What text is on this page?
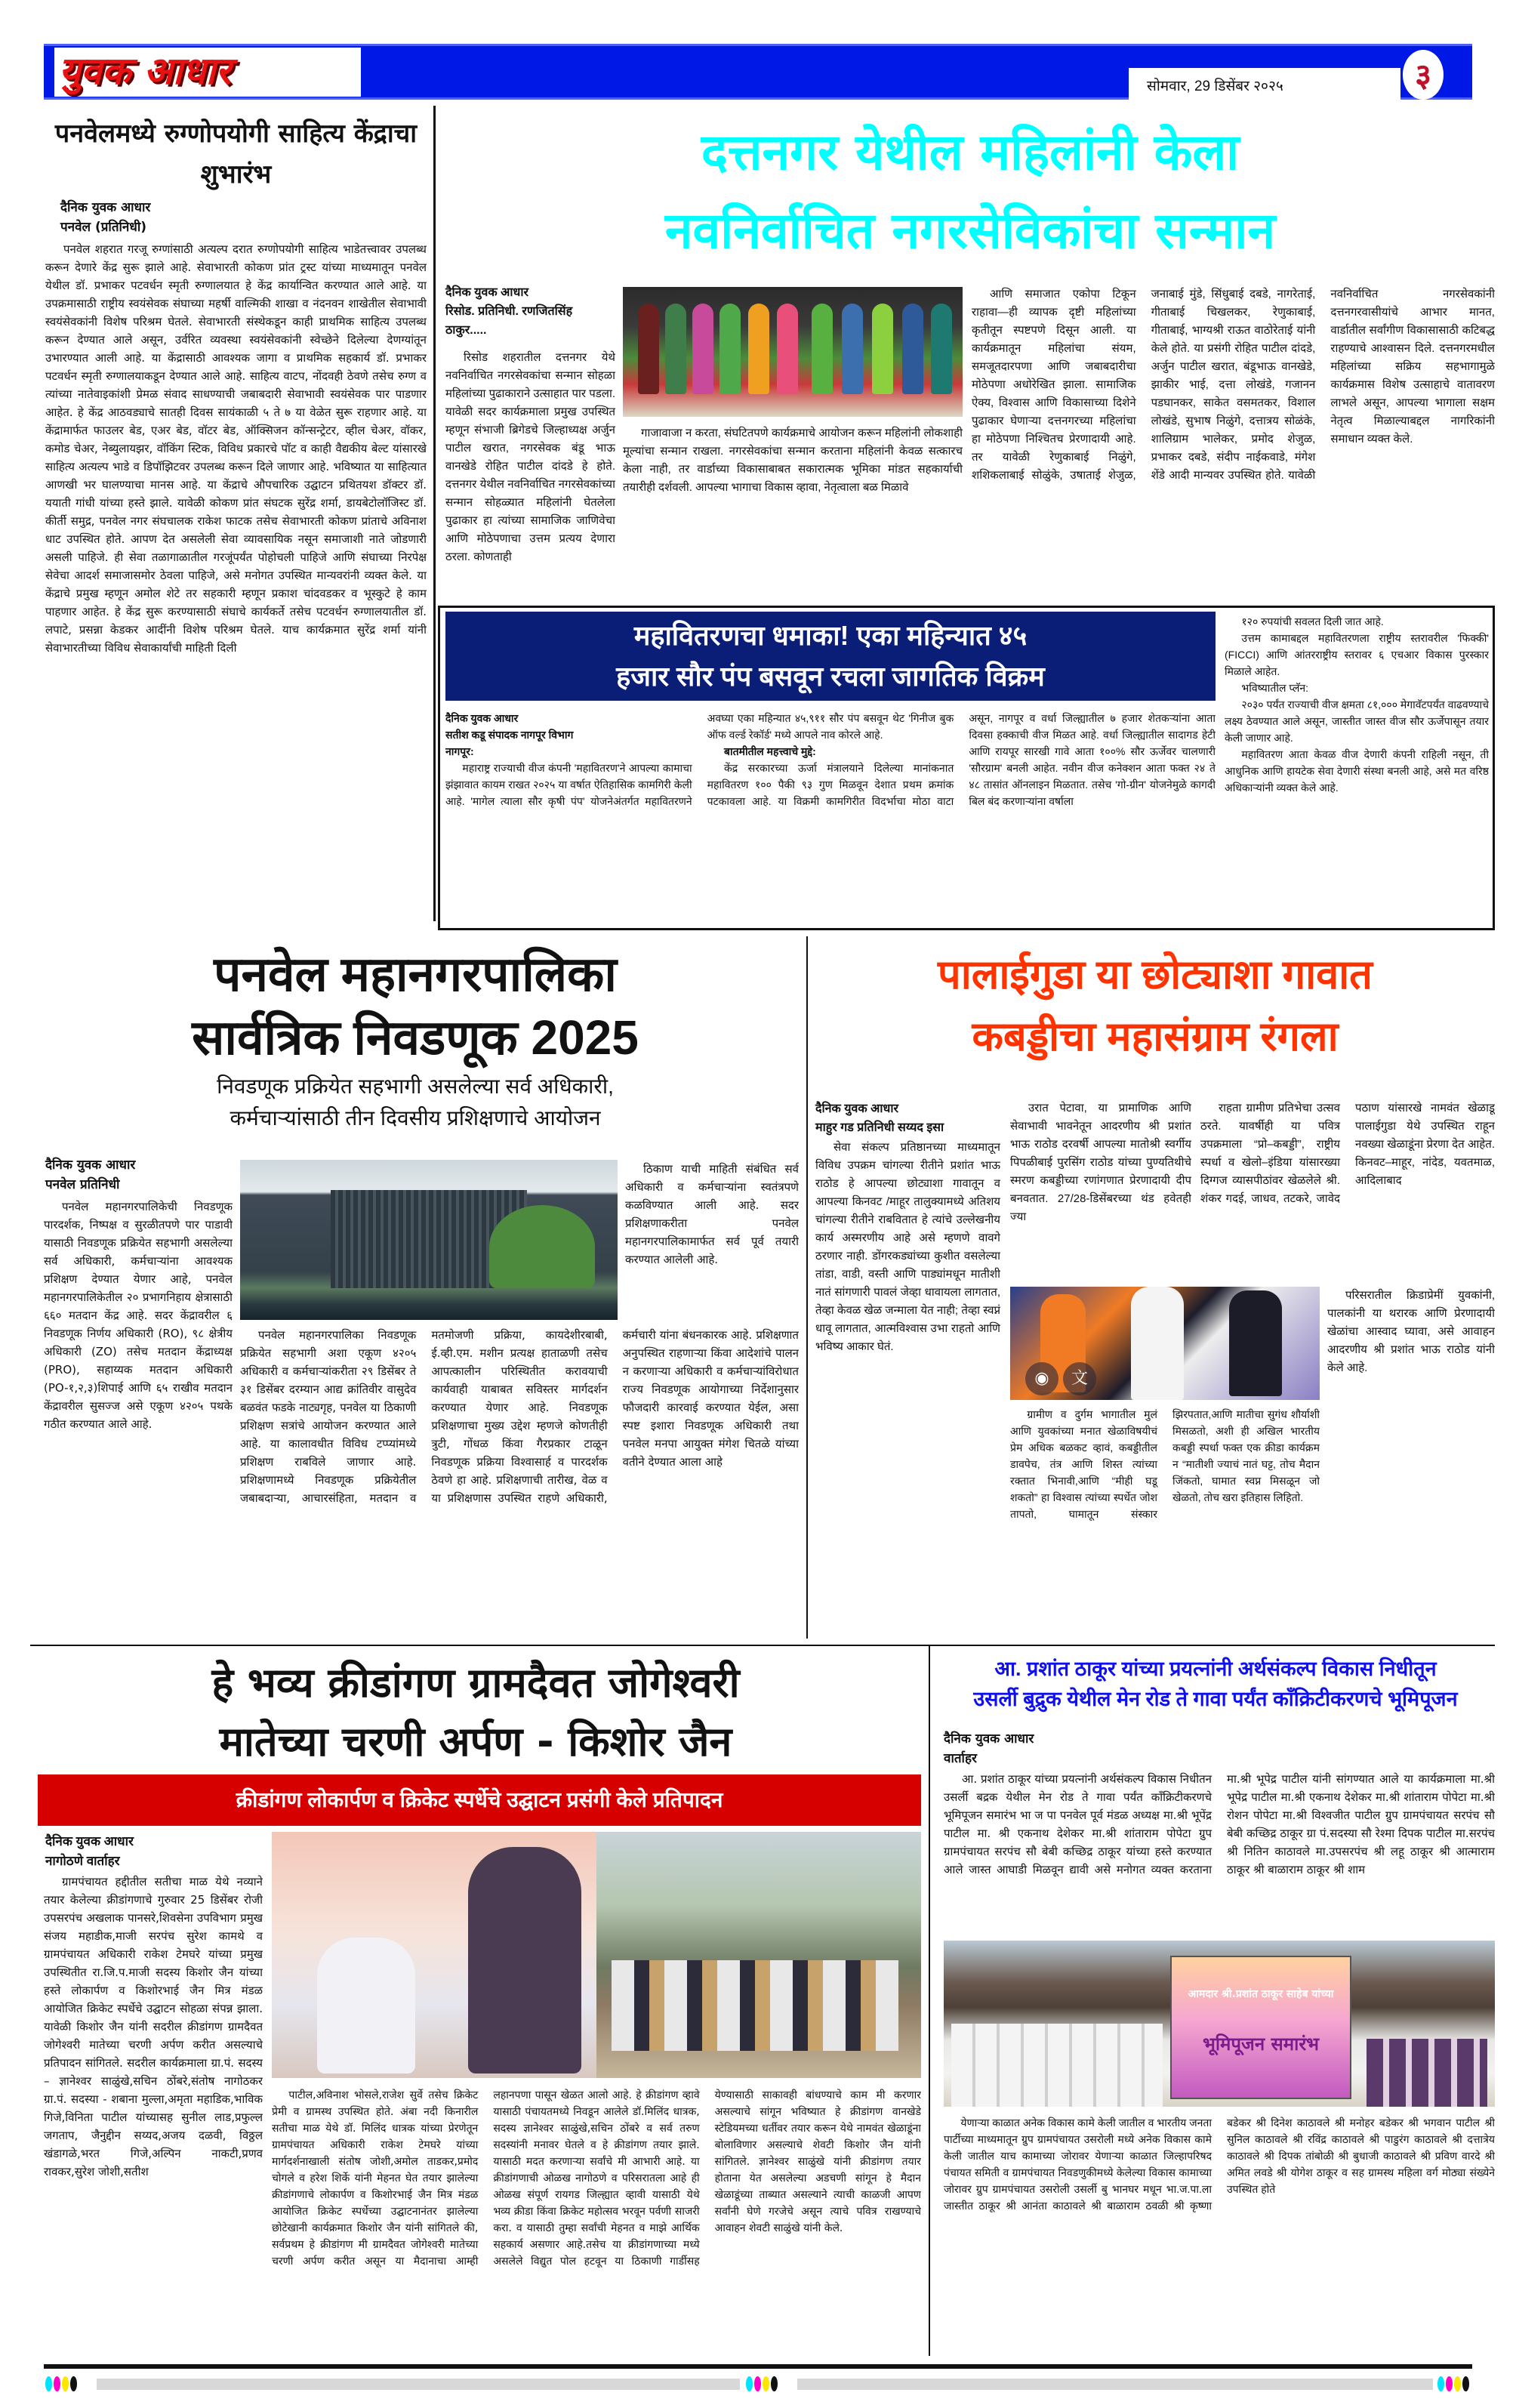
युवक आधार	सोमवार, 29 डिसेंबर २०२५	३
पनवेलमध्ये रुग्णोपयोगी साहित्य केंद्राचा शुभारंभ
दैनिक युवक आधार
पनवेल (प्रतिनिधी)

पनवेल शहरात गरजू रुग्णांसाठी अत्यल्प दरात रुग्णोपयोगी साहित्य भाडेतत्त्वावर उपलब्ध करून देणारे केंद्र सुरू झाले आहे. सेवाभारती कोकण प्रांत ट्रस्ट यांच्या माध्यमातून पनवेल येथील डॉ. प्रभाकर पटवर्धन स्मृती रुग्णालयात हे केंद्र कार्यान्वित करण्यात आले आहे. या उपक्रमासाठी राष्ट्रीय स्वयंसेवक संघाच्या महर्षी वाल्मिकी शाखा व नंदनवन शाखेतील सेवाभावी स्वयंसेवकांनी विशेष परिश्रम घेतले. सेवाभारती संस्थेकडून काही प्राथमिक साहित्य उपलब्ध करून देण्यात आले असून, उर्वरित व्यवस्था स्वयंसेवकांनी स्वेच्छेने दिलेल्या देणग्यांतून उभारण्यात आली आहे. या केंद्रासाठी आवश्यक जागा व प्राथमिक सहकार्य डॉ. प्रभाकर पटवर्धन स्मृती रुग्णालयाकडून देण्यात आले आहे. साहित्य वाटप, नोंदवही ठेवणे तसेच रुग्ण व त्यांच्या नातेवाइकांशी प्रेमळ संवाद साधण्याची जबाबदारी सेवाभावी स्वयंसेवक पार पाडणार आहेत. हे केंद्र आठवड्याचे सातही दिवस सायंकाळी ५ ते ७ या वेळेत सुरू राहणार आहे. या केंद्रामार्फत फाउलर बेड, एअर बेड, वॉटर बेड, ऑक्सिजन कॉन्सन्ट्रेटर, व्हील चेअर, वॉकर, कमोड चेअर, नेब्युलायझर, वॉकिंग स्टिक, विविध प्रकारचे पॉट व काही वैद्यकीय बेल्ट यांसारखे साहित्य अत्यल्प भाडे व डिपॉझिटवर उपलब्ध करून दिले जाणार आहे. भविष्यात या साहित्यात आणखी भर घालण्याचा मानस आहे. या केंद्राचे औपचारिक उद्घाटन प्रथितयश डॉक्टर डॉ. ययाती गांधी यांच्या हस्ते झाले. यावेळी कोकण प्रांत संघटक सुरेंद्र शर्मा, डायबेटोलॉजिस्ट डॉ. कीर्ती समुद्र, पनवेल नगर संघचालक राकेश फाटक तसेच सेवाभारती कोकण प्रांताचे अविनाश धाट उपस्थित होते. आपण देत असलेली सेवा व्यावसायिक नसून समाजाशी नाते जोडणारी असली पाहिजे. ही सेवा तळागाळातील गरजूंपर्यंत पोहोचली पाहिजे आणि संघाच्या निरपेक्ष सेवेचा आदर्श समाजासमोर ठेवला पाहिजे, असे मनोगत उपस्थित मान्यवरांनी व्यक्त केले. या केंद्राचे प्रमुख म्हणून अमोल शेटे तर सहकारी म्हणून प्रकाश चांदवडकर व भूस्कुटे हे काम पाहणार आहेत. हे केंद्र सुरू करण्यासाठी संघाचे कार्यकर्ते तसेच पटवर्धन रुग्णालयातील डॉ. लपाटे, प्रसन्ना केडकर आदींनी विशेष परिश्रम घेतले. याच कार्यक्रमात सुरेंद्र शर्मा यांनी सेवाभारतीच्या विविध सेवाकार्यांची माहिती दिली

दत्तनगर येथील महिलांनी केला
नवनिर्वाचित नगरसेविकांचा सन्मान
दैनिक युवक आधार
रिसोड. प्रतिनिधी. रणजितसिंह ठाकुर.....

रिसोड शहरातील दत्तनगर येथे नवनिर्वाचित नगरसेवकांचा सन्मान सोहळा महिलांच्या पुढाकाराने उत्साहात पार पडला. यावेळी सदर कार्यक्रमाला प्रमुख उपस्थित म्हणून संभाजी ब्रिगेडचे जिल्हाध्यक्ष अर्जुन पाटील खरात, नगरसेवक बंडू भाऊ वानखेडे रोहित पाटील दांदडे हे होते. दत्तनगर येथील नवनिर्वाचित नगरसेवकांच्या सन्मान सोहळ्यात महिलांनी घेतलेला पुढाकार हा त्यांच्या सामाजिक जाणिवेचा आणि मोठेपणाचा उत्तम प्रत्यय देणारा ठरला. कोणताही

गाजावाजा न करता, संघटितपणे कार्यक्रमाचे आयोजन करून महिलांनी लोकशाही मूल्यांचा सन्मान राखला. नगरसेवकांचा सन्मान करताना महिलांनी केवळ सत्कारच केला नाही, तर वार्डाच्या विकासाबाबत सकारात्मक भूमिका मांडत सहकार्याची तयारीही दर्शवली. आपल्या भागाचा विकास व्हावा, नेतृत्वाला बळ मिळावे

आणि समाजात एकोपा टिकून राहावा—ही व्यापक दृष्टी महिलांच्या कृतीतून स्पष्टपणे दिसून आली. या कार्यक्रमातून महिलांचा संयम, समजूतदारपणा आणि जबाबदारीचा मोठेपणा अधोरेखित झाला. सामाजिक ऐक्य, विश्वास आणि विकासाच्या दिशेने पुढाकार घेणाऱ्या दत्तनगरच्या महिलांचा हा मोठेपणा निश्चितच प्रेरणादायी आहे. तर यावेळी रेणुकाबाई निळुंगे, शशिकलाबाई सोळुंके, उषाताई शेजुळ, जनाबाई मुंडे, सिंधुबाई दबडे, नागरेताई, गीताबाई चिखलकर, रेणुकाबाई, गीताबाई, भाग्यश्री राऊत वाठोरेताई यांनी केले होते. या प्रसंगी रोहित पाटील दांदडे, अर्जुन पाटील खरात, बंडूभाऊ वानखेडे, झाकीर भाई, दत्ता लोखंडे, गजानन पडघानकर, साकेत वसमतकर, विशाल लोखंडे, सुभाष निळुंगे, दत्तात्रय सोळंके, शालिग्राम भालेकर, प्रमोद शेजुळ, प्रभाकर दबडे, संदीप नाईकवाडे, मंगेश शेंडे आदी मान्यवर उपस्थित होते. यावेळी नवनिर्वाचित नगरसेवकांनी दत्तनगरवासीयांचे आभार मानत, वार्डातील सर्वांगीण विकासासाठी कटिबद्ध राहण्याचे आश्वासन दिले. दत्तनगरमधील महिलांच्या सक्रिय सहभागामुळे कार्यक्रमास विशेष उत्साहाचे वातावरण लाभले असून, आपल्या भागाला सक्षम नेतृत्व मिळाल्याबद्दल नागरिकांनी समाधान व्यक्त केले.

महावितरणचा धमाका! एका महिन्यात ४५
हजार सौर पंप बसवून रचला जागतिक विक्रम
दैनिक युवक आधार
सतीश कडू संपादक नागपूर विभाग
नागपूर:

महाराष्ट्र राज्याची वीज कंपनी 'महावितरण'ने आपल्या कामाचा झंझावात कायम राखत २०२५ या वर्षात ऐतिहासिक कामगिरी केली आहे. 'मागेल त्याला सौर कृषी पंप' योजनेअंतर्गत महावितरणने अवघ्या एका महिन्यात ४५,९११ सौर पंप बसवून थेट 'गिनीज बुक ऑफ वर्ल्ड रेकॉर्ड' मध्ये आपले नाव कोरले आहे.

बातमीतील महत्त्वाचे मुद्दे:

केंद्र सरकारच्या ऊर्जा मंत्रालयाने दिलेल्या मानांकनात महावितरण १०० पैकी ९३ गुण मिळवून देशात प्रथम क्रमांक पटकावला आहे. या विक्रमी कामगिरीत विदर्भाचा मोठा वाटा असून, नागपूर व वर्धा जिल्ह्यातील ७ हजार शेतकऱ्यांना आता दिवसा हक्काची वीज मिळत आहे. वर्धा जिल्ह्यातील सादागड हेटी आणि रायपूर सारखी गावे आता १००% सौर ऊर्जेवर चालणारी 'सौरग्राम' बनली आहेत. नवीन वीज कनेक्शन आता फक्त २४ ते ४८ तासांत ऑनलाइन मिळतात. तसेच 'गो-ग्रीन' योजनेमुळे कागदी बिल बंद करणाऱ्यांना वर्षाला

१२० रुपयांची सवलत दिली जात आहे.

उत्तम कामाबद्दल महावितरणला राष्ट्रीय स्तरावरील 'फिक्की' (FICCI) आणि आंतरराष्ट्रीय स्तरावर ६ एचआर विकास पुरस्कार मिळाले आहेत.

भविष्यातील प्लॅन:

२०३० पर्यंत राज्याची वीज क्षमता ८१,००० मेगावॅटपर्यंत वाढवण्याचे लक्ष्य ठेवण्यात आले असून, जास्तीत जास्त वीज सौर ऊर्जेपासून तयार केली जाणार आहे.

महावितरण आता केवळ वीज देणारी कंपनी राहिली नसून, ती आधुनिक आणि हायटेक सेवा देणारी संस्था बनली आहे, असे मत वरिष्ठ अधिकाऱ्यांनी व्यक्त केले आहे.

पनवेल महानगरपालिका
सार्वत्रिक निवडणूक 2025
निवडणूक प्रक्रियेत सहभागी असलेल्या सर्व अधिकारी,
कर्मचाऱ्यांसाठी तीन दिवसीय प्रशिक्षणाचे आयोजन
दैनिक युवक आधार
पनवेल प्रतिनिधी

पनवेल महानगरपालिकेची निवडणूक पारदर्शक, निष्पक्ष व सुरळीतपणे पार पाडावी यासाठी निवडणूक प्रक्रियेत सहभागी असलेल्या सर्व अधिकारी, कर्मचाऱ्यांना आवश्यक प्रशिक्षण देण्यात येणार आहे, पनवेल महानगरपालिकेतील २० प्रभागनिहाय क्षेत्रासाठी ६६० मतदान केंद्र आहे. सदर केंद्रावरील ६ निवडणूक निर्णय अधिकारी (RO), ९८ क्षेत्रीय अधिकारी (ZO) तसेच मतदान केंद्राध्यक्ष (PRO), सहाय्यक मतदान अधिकारी (PO-१,२,३)शिपाई आणि ६५ राखीव मतदान केंद्रावरील सुसज्ज असे एकूण ४२०५ पथके गठीत करण्यात आले आहे.

ठिकाण याची माहिती संबंधित सर्व अधिकारी व कर्मचाऱ्यांना स्वतंत्रपणे कळविण्यात आली आहे. सदर प्रशिक्षणाकरीता पनवेल महानगरपालिकामार्फत सर्व पूर्व तयारी करण्यात आलेली आहे.

पनवेल महानगरपालिका निवडणूक प्रक्रियेत सहभागी अशा एकूण ४२०५ अधिकारी व कर्मचाऱ्यांकरीता २९ डिसेंबर ते ३१ डिसेंबर दरम्यान आद्य क्रांतिवीर वासुदेव बळवंत फडके नाट्यगृह, पनवेल या ठिकाणी प्रशिक्षण सत्रांचे आयोजन करण्यात आले आहे. या कालावधीत विविध टप्प्यांमध्ये प्रशिक्षण राबविले जाणार आहे. प्रशिक्षणामध्ये निवडणूक प्रक्रियेतील जबाबदाऱ्या, आचारसंहिता, मतदान व मतमोजणी प्रक्रिया, कायदेशीरबाबी, ई.व्ही.एम. मशीन प्रत्यक्ष हाताळणी तसेच आपत्कालीन परिस्थितीत करावयाची कार्यवाही याबाबत सविस्तर मार्गदर्शन करण्यात येणार आहे. निवडणूक प्रशिक्षणाचा मुख्य उद्देश म्हणजे कोणतीही त्रुटी, गोंधळ किंवा गैरप्रकार टाळून निवडणूक प्रक्रिया विश्वासार्ह व पारदर्शक ठेवणे हा आहे. प्रशिक्षणाची तारीख, वेळ व या प्रशिक्षणास उपस्थित राहणे अधिकारी, कर्मचारी यांना बंधनकारक आहे. प्रशिक्षणात अनुपस्थित राहणाऱ्या किंवा आदेशांचे पालन न करणाऱ्या अधिकारी व कर्मचाऱ्यांविरोधात राज्य निवडणूक आयोगाच्या निर्देशानुसार फौजदारी कारवाई करण्यात येईल, असा स्पष्ट इशारा निवडणूक अधिकारी तथा पनवेल मनपा आयुक्त मंगेश चितळे यांच्या वतीने देण्यात आला आहे

पालाईगुडा या छोट्याशा गावात
कबड्डीचा महासंग्राम रंगला
दैनिक युवक आधार
माहुर गड प्रतिनिधी सय्यद इसा

सेवा संकल्प प्रतिष्ठानच्या माध्यमातून विविध उपक्रम चांगल्या रीतीने प्रशांत भाऊ राठोड हे आपल्या छोट्याशा गावातून व आपल्या किनवट /माहूर तालुक्यामध्ये अतिशय चांगल्या रीतीने राबवितात हे त्यांचे उल्लेखनीय कार्य अस्मरणीय आहे असे म्हणणे वावगे ठरणार नाही. डोंगरकड्यांच्या कुशीत वसलेल्या तांडा, वाडी, वस्ती आणि पाड्यांमधून मातीशी नातं सांगणारी पावलं जेव्हा धावायला लागतात, तेव्हा केवळ खेळ जन्माला येत नाही; तेव्हा स्वप्नं धावू लागतात, आत्मविश्वास उभा राहतो आणि भविष्य आकार घेतं.

उरात पेटावा, या प्रामाणिक आणि सेवाभावी भावनेतून आदरणीय श्री प्रशांत भाऊ राठोड दरवर्षी आपल्या मातोश्री स्वर्गीय पिपळीबाई पुरसिंग राठोड यांच्या पुण्यतिथीचे स्मरण कबड्डीच्या रणांगणात प्रेरणादायी दीप बनवतात. 27/28-डिसेंबरच्या थंड हवेतही ज्या

राहता ग्रामीण प्रतिभेचा उत्सव ठरते. यावर्षीही या पवित्र उपक्रमाला “प्रो–कबड्डी”, राष्ट्रीय स्पर्धा व खेलो–इंडिया यांसारख्या दिग्गज व्यासपीठांवर खेळलेले श्री. शंकर गदई, जाधव, तटकरे, जावेद पठाण यांसारखे नामवंत खेळाडू पालाईगुडा येथे उपस्थित राहून नवख्या खेळाडूंना प्रेरणा देत आहेत. किनवट–माहूर, नांदेड, यवतमाळ, आदिलाबाद

◉	文

परिसरातील क्रिडाप्रेमीं युवकांनी, पालकांनी या थरारक आणि प्रेरणादायी खेळांचा आस्वाद घ्यावा, असे आवाहन आदरणीय श्री प्रशांत भाऊ राठोड यांनी केले आहे.

ग्रामीण व दुर्गम भागातील मुलं आणि युवकांच्या मनात खेळाविषयीचं प्रेम अधिक बळकट व्हावं, कबड्डीतील डावपेच, तंत्र आणि शिस्त त्यांच्या रक्तात भिनावी,आणि “मीही घडू शकतो” हा विश्वास त्यांच्या स्पर्धेत जोश तापतो, घामातून संस्कार झिरपतात,आणि मातीचा सुगंध शौर्याशी मिसळतो, अशी ही अखिल भारतीय कबड्डी स्पर्धा फक्त एक क्रीडा कार्यक्रम न “मातीशी ज्याचं नातं घट्ट, तोच मैदान जिंकतो, घामात स्वप्न मिसळून जो खेळतो, तोच खरा इतिहास लिहितो.

हे भव्य क्रीडांगण ग्रामदैवत जोगेश्वरी
मातेच्या चरणी अर्पण - किशोर जैन
क्रीडांगण लोकार्पण व क्रिकेट स्पर्धेचे उद्घाटन प्रसंगी केले प्रतिपादन
दैनिक युवक आधार
नागोठणे वार्ताहर

ग्रामपंचायत हद्दीतील सतीचा माळ येथे नव्याने तयार केलेल्या क्रीडांगणाचे गुरुवार 25 डिसेंबर रोजी उपसरपंच अखलाक पानसरे,शिवसेना उपविभाग प्रमुख संजय महाडीक,माजी सरपंच सुरेश कामथे व ग्रामपंचायत अधिकारी राकेश टेमघरे यांच्या प्रमुख उपस्थितीत रा.जि.प.माजी सदस्य किशोर जैन यांच्या हस्ते लोकार्पण व किशोरभाई जैन मित्र मंडळ आयोजित क्रिकेट स्पर्धेचे उद्घाटन सोहळा संपन्न झाला. यावेळी किशोर जैन यांनी सदरील क्रीडांगण ग्रामदैवत जोगेश्वरी मातेच्या चरणी अर्पण करीत असल्याचे प्रतिपादन सांगितले. सदरील कार्यक्रमाला ग्रा.पं. सदस्य – ज्ञानेश्वर साळुंखे,सचिन ठोंबरे,संतोष नागोठकर ग्रा.पं. सदस्या - शबाना मुल्ला,अमृता महाडिक,भाविक गिजे,विनिता पाटील यांच्यासह सुनील लाड,प्रफुल्ल जगताप, जैनुद्दीन सय्यद,अजय दळवी, विठ्ठल खंडागळे,भरत गिजे,अल्पिन नाकटी,प्रणव रावकर,सुरेश जोशी,सतीश

पाटील,अविनाश भोसले,राजेश सुर्वे तसेच क्रिकेट प्रेमी व ग्रामस्थ उपस्थित होते. अंबा नदी किनारील सतीचा माळ येथे डॉ. मिलिंद धात्रक यांच्या प्रेरणेतून ग्रामपंचायत अधिकारी राकेश टेमघरे यांच्या मार्गदर्शनाखाली संतोष जोशी,अमोल ताडकर,प्रमोद चोगले व हरेश शिर्के यांनी मेहनत घेत तयार झालेल्या क्रीडांगणाचे लोकार्पण व किशोरभाई जैन मित्र मंडळ आयोजित क्रिकेट स्पर्धेच्या उद्घाटनानंतर झालेल्या छोटेखानी कार्यक्रमात किशोर जैन यांनी सांगितले की, सर्वप्रथम हे क्रीडांगण मी ग्रामदैवत जोगेश्वरी मातेच्या चरणी अर्पण करीत असून या मैदानाचा आम्ही लहानपणा पासून खेळत आलो आहे. हे क्रीडांगण व्हावे यासाठी पंचायतमध्ये निवडून आलेले डॉ.मिलिंद धात्रक, सदस्य ज्ञानेश्वर साळुंखे,सचिन ठोंबरे व सर्व तरुण सदस्यांनी मनावर घेतले व हे क्रीडांगण तयार झाले. यासाठी मदत करणाऱ्या सर्वांचे मी आभारी आहे. या क्रीडांगणाची ओळख नागोठणे व परिसरातला आहे ही ओळख संपूर्ण रायगड जिल्ह्यात व्हावी यासाठी येथे भव्य क्रीडा किंवा क्रिकेट महोत्सव भरवून पर्वणी साजरी करा. व यासाठी तुम्हा सर्वांची मेहनत व माझे आर्थिक सहकार्य असणार आहे.तसेच या क्रीडांगणाच्या मध्ये असलेले विद्युत पोल हटवून या ठिकाणी गार्डीसह येण्यासाठी साकावही बांधण्याचे काम मी करणार असल्याचे सांगून भविष्यात हे क्रीडांगण वानखेडे स्टेडियमच्या धर्तीवर तयार करून येथे नामवंत खेळाडूंना बोलाविणार असल्याचे शेवटी किशोर जैन यांनी सांगितले. ज्ञानेश्वर साळुंखे यांनी क्रीडांगण तयार होताना येत असलेल्या अडचणी सांगून हे मैदान खेळाडूंच्या ताब्यात असल्याने त्याची काळजी आपण सर्वांनी घेणे गरजेचे असून त्याचे पवित्र राखण्याचे आवाहन शेवटी साळुंखे यांनी केले.

आ. प्रशांत ठाकूर यांच्या प्रयत्नांनी अर्थसंकल्प विकास निधीतून
उसर्ली बुद्रुक येथील मेन रोड ते गावा पर्यंत कॉंक्रिटीकरणचे भूमिपूजन
दैनिक युवक आधार
वार्ताहर

आ. प्रशांत ठाकूर यांच्या प्रयत्नांनी अर्थसंकल्प विकास निधीतन उसर्ली बद्रक येथील मेन रोड ते गावा पर्यंत कॉंक्रिटीकरणचे भूमिपूजन समारंभ भा ज पा पनवेल पूर्व मंडळ अध्यक्ष मा.श्री भूपेंद्र पाटील मा. श्री एकनाथ देशेकर मा.श्री शांताराम पोपेटा ग्रुप ग्रामपंचायत सरपंच सौ बेबी कच्छिद्र ठाकूर यांच्या हस्ते करण्यात आले जास्त आघाडी मिळवून द्यावी असे मनोगत व्यक्त करताना मा.श्री भूपेद्र पाटील यांनी सांगण्यात आले या कार्यक्रमाला मा.श्री भूपेद्र पाटील मा.श्री एकनाथ देशेकर मा.श्री शांताराम पोपेटा मा.श्री रोशन पोपेटा मा.श्री विश्वजीत पाटील ग्रुप ग्रामपंचायत सरपंच सौ बेबी कच्छिद्र ठाकूर ग्रा पं.सदस्या सौ रेश्मा दिपक पाटील मा.सरपंच श्री नितिन काठावले मा.उपसरपंच श्री लहू ठाकूर श्री आत्माराम ठाकूर श्री बाळाराम ठाकूर श्री शाम

आमदार श्री.प्रशांत ठाकूर साहेब यांच्या
भूमिपूजन समारंभ

येणाऱ्या काळात अनेक विकास कामे केली जातील व भारतीय जनता पार्टीच्या माध्यमातून ग्रुप ग्रामपंचायत उसरोली मध्ये अनेक विकास कामे केली जातील याच कामाच्या जोरावर येणाऱ्या काळात जिल्हापरिषद पंचायत समिती व ग्रामपंचायत निवडणुकीमध्ये केलेल्या विकास कामाच्या जोरावर ग्रुप ग्रामपंचायत उसरोली उसर्ली बु भानघर मधून भा.ज.पा.ला जास्तीत ठाकूर श्री आनंता काठावले श्री बाळाराम ठवळी श्री कृष्णा बडेकर श्री दिनेश काठावले श्री मनोहर बडेकर श्री भगवान पाटील श्री सुनिल काठावले श्री रविंद्र काठावले श्री पाडुरंग काठावले श्री दत्तात्रेय काठावले श्री दिपक तांबोळी श्री बुधाजी काठावले श्री प्रविण वारदे श्री अमित लवडे श्री योगेश ठाकूर व सह ग्रामस्थ महिला वर्ग मोठ्या संख्येने उपस्थित होते
